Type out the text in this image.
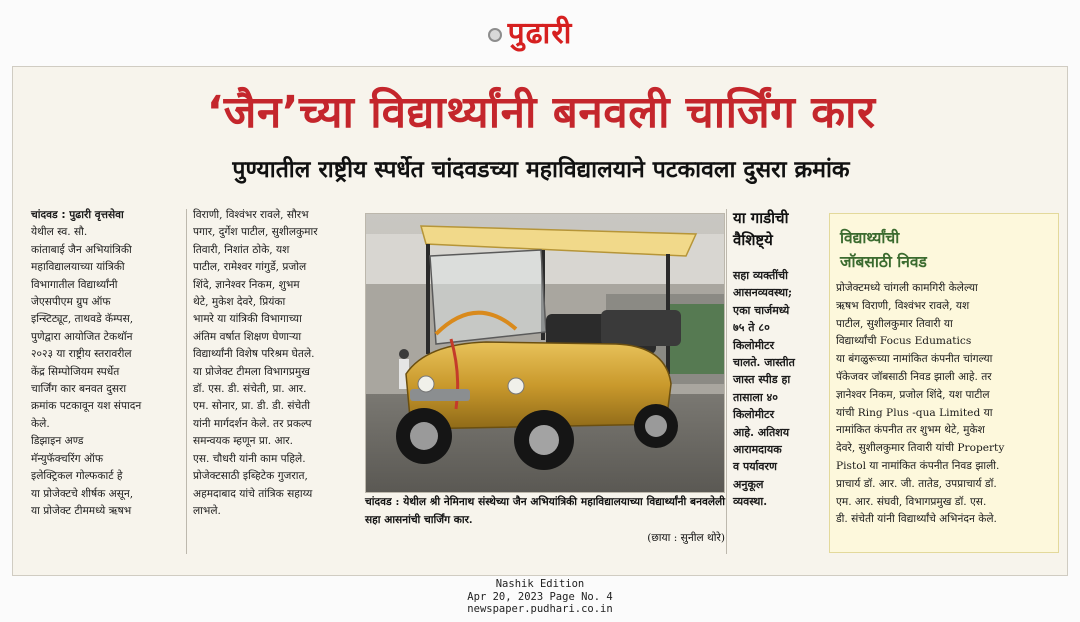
पुढारी
‘जैन’च्या विद्यार्थ्यांनी बनवली चार्जिंग कार
पुण्यातील राष्ट्रीय स्पर्धेत चांदवडच्या महाविद्यालयाने पटकावला दुसरा क्रमांक

चांदवड : पुढारी वृत्तसेवा

येथील स्व. सौ.

कांताबाई जैन अभियांत्रिकी

महाविद्यालयाच्या यांत्रिकी

विभागातील विद्यार्थ्यांनी

जेएसपीएम ग्रुप ऑफ

इन्स्टिट्यूट, ताथवडे कॅम्पस,

पुणेद्वारा आयोजित टेकथॉन

२०२३ या राष्ट्रीय स्तरावरील

केंद्र सिम्पोजियम स्पर्धेत

चार्जिंग कार बनवत दुसरा

क्रमांक पटकावून यश संपादन

केले.

डिझाइन अण्ड

मॅन्युफॅक्चरिंग ऑफ

इलेक्ट्रिकल गोल्फकार्ट हे

या प्रोजेक्टचे शीर्षक असून,

या प्रोजेक्ट टीममध्ये ऋषभ

विराणी, विश्वंभर रावले, सौरभ

पगार, दुर्गेश पाटील, सुशीलकुमार

तिवारी, निशांत ठोके, यश

पाटील, रामेश्वर गांगुर्डे, प्रजोल

शिंदे, ज्ञानेश्वर निकम, शुभम

थेटे, मुकेश देवरे, प्रियंका

भामरे या यांत्रिकी विभागाच्या

अंतिम वर्षात शिक्षण घेणाऱ्या

विद्यार्थ्यांनी विशेष परिश्रम घेतले.

या प्रोजेक्ट टीमला विभागप्रमुख

डॉ. एस. डी. संचेती, प्रा. आर.

एम. सोनार, प्रा. डी. डी. संचेती

यांनी मार्गदर्शन केले. तर प्रकल्प

समन्वयक म्हणून प्रा. आर.

एस. चौधरी यांनी काम पहिले.

प्रोजेक्टसाठी इब्हिटेक गुजरात,

अहमदाबाद यांचे तांत्रिक सहाय्य

लाभले.

चांदवड : येथील श्री नेमिनाथ संस्थेच्या जैन अभियांत्रिकी महाविद्यालयाच्या विद्यार्थ्यांनी बनवलेली सहा आसनांची चार्जिंग कार.
(छाया : सुनील थोरे)
या गाडीची वैशिष्ट्ये

सहा व्यक्तींची

आसनव्यवस्था;

एका चार्जमध्ये

७५ ते ८०

किलोमीटर

चालते. जास्तीत

जास्त स्पीड हा

तासाला ४०

किलोमीटर

आहे. अतिशय

आरामदायक

व पर्यावरण

अनुकूल

व्यवस्था.

विद्यार्थ्यांची
जॉबसाठी निवड

प्रोजेक्टमध्ये चांगली कामगिरी केलेल्या

ऋषभ विराणी, विश्वंभर रावले, यश

पाटील, सुशीलकुमार तिवारी या

विद्यार्थ्यांची Focus Edumatics

या बंगळुरूच्या नामांकित कंपनीत चांगल्या

पॅकेजवर जॉबसाठी निवड झाली आहे. तर

ज्ञानेश्वर निकम, प्रजोल शिंदे, यश पाटील

यांची Ring Plus -qua Limited या

नामांकित कंपनीत तर शुभम थेटे, मुकेश

देवरे, सुशीलकुमार तिवारी यांची Property

Pistol या नामांकित कंपनीत निवड झाली.

प्राचार्य डॉ. आर. जी. तातेड, उपप्राचार्य डॉ.

एम. आर. संघवी, विभागप्रमुख डॉ. एस.

डी. संचेती यांनी विद्यार्थ्यांचे अभिनंदन केले.

Nashik Edition
Apr 20, 2023 Page No. 4
newspaper.pudhari.co.in
